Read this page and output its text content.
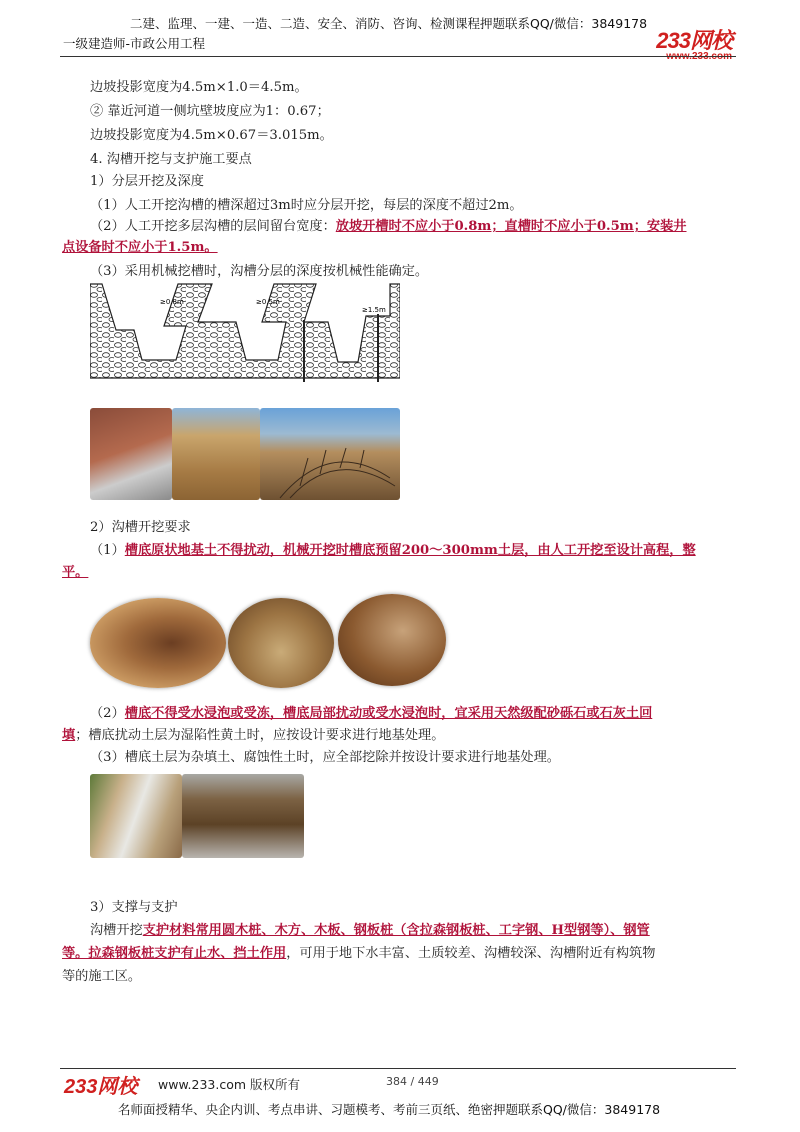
二建、监理、一建、一造、二造、安全、消防、咨询、检测课程押题联系QQ/微信：3849178
一级建造师-市政公用工程	233网校
边坡投影宽度为4.5m×1.0＝4.5m。
② 靠近河道一侧坑壁坡度应为1：0.67；
边坡投影宽度为4.5m×0.67＝3.015m。
4. 沟槽开挖与支护施工要点
1）分层开挖及深度
（1）人工开挖沟槽的槽深超过3m时应分层开挖，每层的深度不超过2m。
（2）人工开挖多层沟槽的层间留台宽度：放坡开槽时不应小于0.8m；直槽时不应小于0.5m；安装井
点设备时不应小于1.5m。
（3）采用机械挖槽时，沟槽分层的深度按机械性能确定。
≥0.8m	≥0.5m
≥1.5m
2）沟槽开挖要求
（1）槽底原状地基土不得扰动，机械开挖时槽底预留200～300mm土层，由人工开挖至设计高程，整
平。
（2）槽底不得受水浸泡或受冻，槽底局部扰动或受水浸泡时，宜采用天然级配砂砾石或石灰土回
填；槽底扰动土层为湿陷性黄土时，应按设计要求进行地基处理。
（3）槽底土层为杂填土、腐蚀性土时，应全部挖除并按设计要求进行地基处理。
3）支撑与支护
沟槽开挖支护材料常用圆木桩、木方、木板、钢板桩（含拉森钢板桩、工字钢、H型钢等）、钢管
等。拉森钢板桩支护有止水、挡土作用，可用于地下水丰富、土质较差、沟槽较深、沟槽附近有构筑物
等的施工区。
233网校 www.233.com 版权所有	384 / 449
名师面授精华、央企内训、考点串讲、习题模考、考前三页纸、绝密押题联系QQ/微信：3849178
